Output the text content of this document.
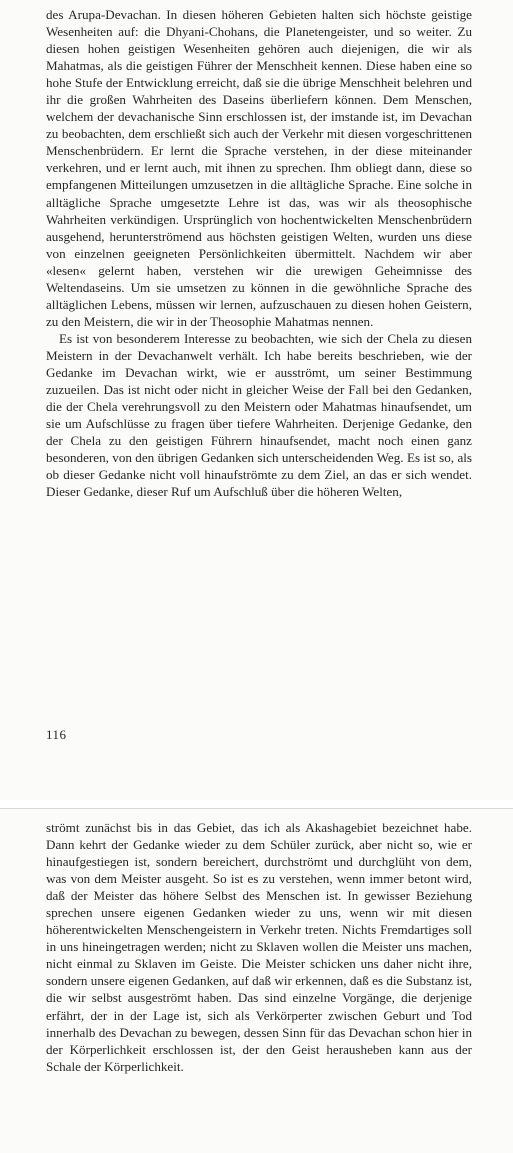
des Arupa-Devachan. In diesen höheren Gebieten halten sich höchste geistige Wesenheiten auf: die Dhyani-Chohans, die Planetengeister, und so weiter. Zu diesen hohen geistigen Wesenheiten gehören auch diejenigen, die wir als Mahatmas, als die geistigen Führer der Menschheit kennen. Diese haben eine so hohe Stufe der Entwicklung erreicht, daß sie die übrige Menschheit belehren und ihr die großen Wahrheiten des Daseins überliefern können. Dem Menschen, welchem der devachanische Sinn erschlossen ist, der imstande ist, im Devachan zu beobachten, dem erschließt sich auch der Verkehr mit diesen vorgeschrittenen Menschenbrüdern. Er lernt die Sprache verstehen, in der diese miteinander verkehren, und er lernt auch, mit ihnen zu sprechen. Ihm obliegt dann, diese so empfangenen Mitteilungen umzusetzen in die alltägliche Sprache. Eine solche in alltägliche Sprache umgesetzte Lehre ist das, was wir als theosophische Wahrheiten verkündigen. Ursprünglich von hochentwickelten Menschenbrüdern ausgehend, herunterströmend aus höchsten geistigen Welten, wurden uns diese von einzelnen geeigneten Persönlichkeiten übermittelt. Nachdem wir aber «lesen« gelernt haben, verstehen wir die urewigen Geheimnisse des Weltendaseins. Um sie umsetzen zu können in die gewöhnliche Sprache des alltäglichen Lebens, müssen wir lernen, aufzuschauen zu diesen hohen Geistern, zu den Meistern, die wir in der Theosophie Mahatmas nennen.

Es ist von besonderem Interesse zu beobachten, wie sich der Chela zu diesen Meistern in der Devachanwelt verhält. Ich habe bereits beschrieben, wie der Gedanke im Devachan wirkt, wie er ausströmt, um seiner Bestimmung zuzueilen. Das ist nicht oder nicht in gleicher Weise der Fall bei den Gedanken, die der Chela verehrungsvoll zu den Meistern oder Mahatmas hinaufsendet, um sie um Aufschlüsse zu fragen über tiefere Wahrheiten. Derjenige Gedanke, den der Chela zu den geistigen Führern hinaufsendet, macht noch einen ganz besonderen, von den übrigen Gedanken sich unterscheidenden Weg. Es ist so, als ob dieser Gedanke nicht voll hinaufströmte zu dem Ziel, an das er sich wendet. Dieser Gedanke, dieser Ruf um Aufschluß über die höheren Welten,

116

strömt zunächst bis in das Gebiet, das ich als Akashagebiet bezeichnet habe. Dann kehrt der Gedanke wieder zu dem Schüler zurück, aber nicht so, wie er hinaufgestiegen ist, sondern bereichert, durchströmt und durchglüht von dem, was von dem Meister ausgeht. So ist es zu verstehen, wenn immer betont wird, daß der Meister das höhere Selbst des Menschen ist. In gewisser Beziehung sprechen unsere eigenen Gedanken wieder zu uns, wenn wir mit diesen höherentwickelten Menschengeistern in Verkehr treten. Nichts Fremdartiges soll in uns hineingetragen werden; nicht zu Sklaven wollen die Meister uns machen, nicht einmal zu Sklaven im Geiste. Die Meister schicken uns daher nicht ihre, sondern unsere eigenen Gedanken, auf daß wir erkennen, daß es die Substanz ist, die wir selbst ausgeströmt haben. Das sind einzelne Vorgänge, die derjenige erfährt, der in der Lage ist, sich als Verkörperter zwischen Geburt und Tod innerhalb des Devachan zu bewegen, dessen Sinn für das Devachan schon hier in der Körperlichkeit erschlossen ist, der den Geist herausheben kann aus der Schale der Körperlichkeit.
